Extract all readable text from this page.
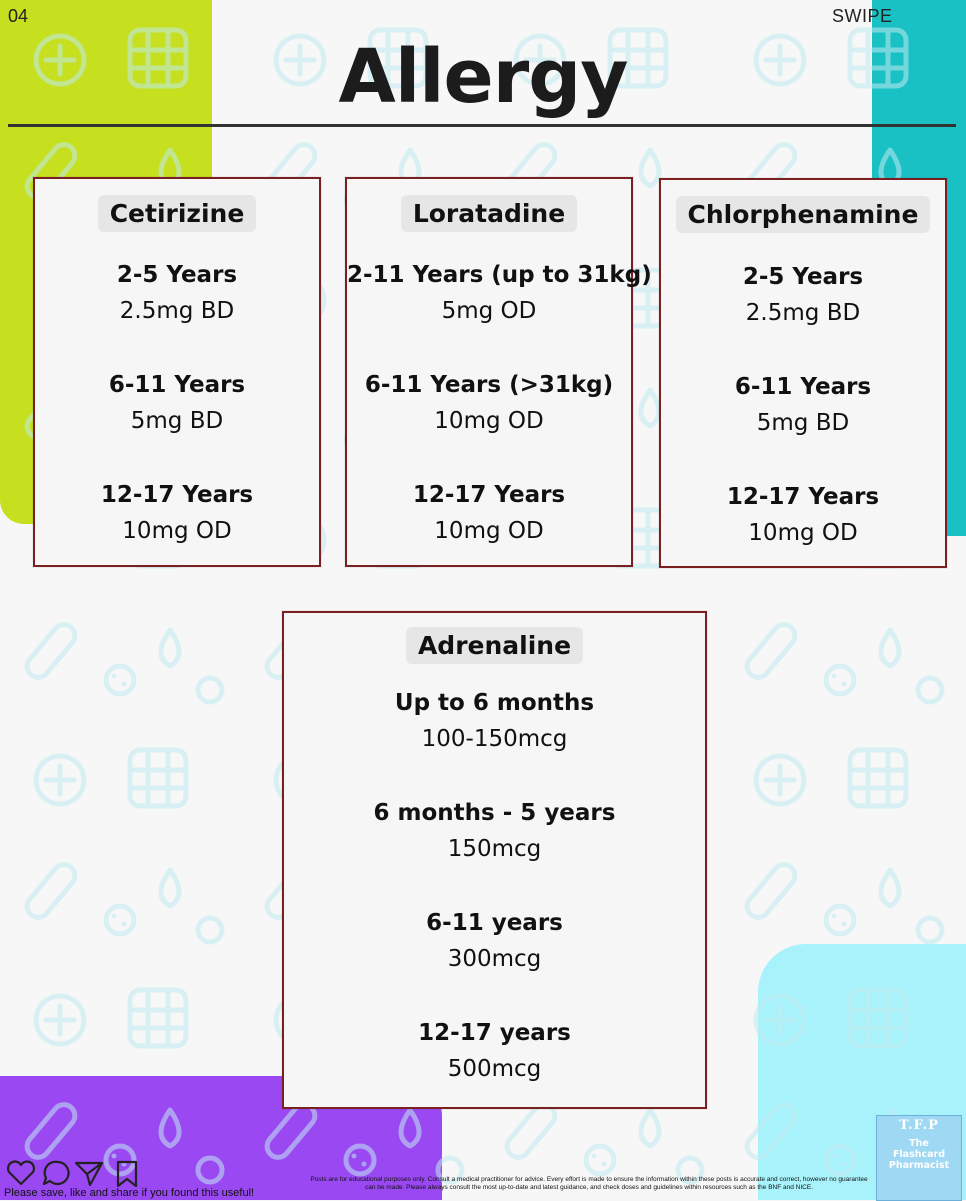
04	SWIPE
Allergy
Cetirizine
2-5 Years
2.5mg BD
6-11 Years
5mg BD
12-17 Years
10mg OD
Loratadine
2-11 Years (up to 31kg)
5mg OD
6-11 Years (>31kg)
10mg OD
12-17 Years
10mg OD
Chlorphenamine
2-5 Years
2.5mg BD
6-11 Years
5mg BD
12-17 Years
10mg OD
Adrenaline
Up to 6 months
100-150mcg
6 months - 5 years
150mcg
6-11 years
300mcg
12-17 years
500mcg
Please save, like and share if you found this useful!
Posts are for educational purposes only. Consult a medical practitioner for advice. Every effort is made to ensure the information within these posts is accurate and correct, however no guarantee can be made. Please always consult the most up-to-date and latest guidance, and check doses and guidelines within resources such as the BNF and NICE.
T.F.P
The
Flashcard
Pharmacist
